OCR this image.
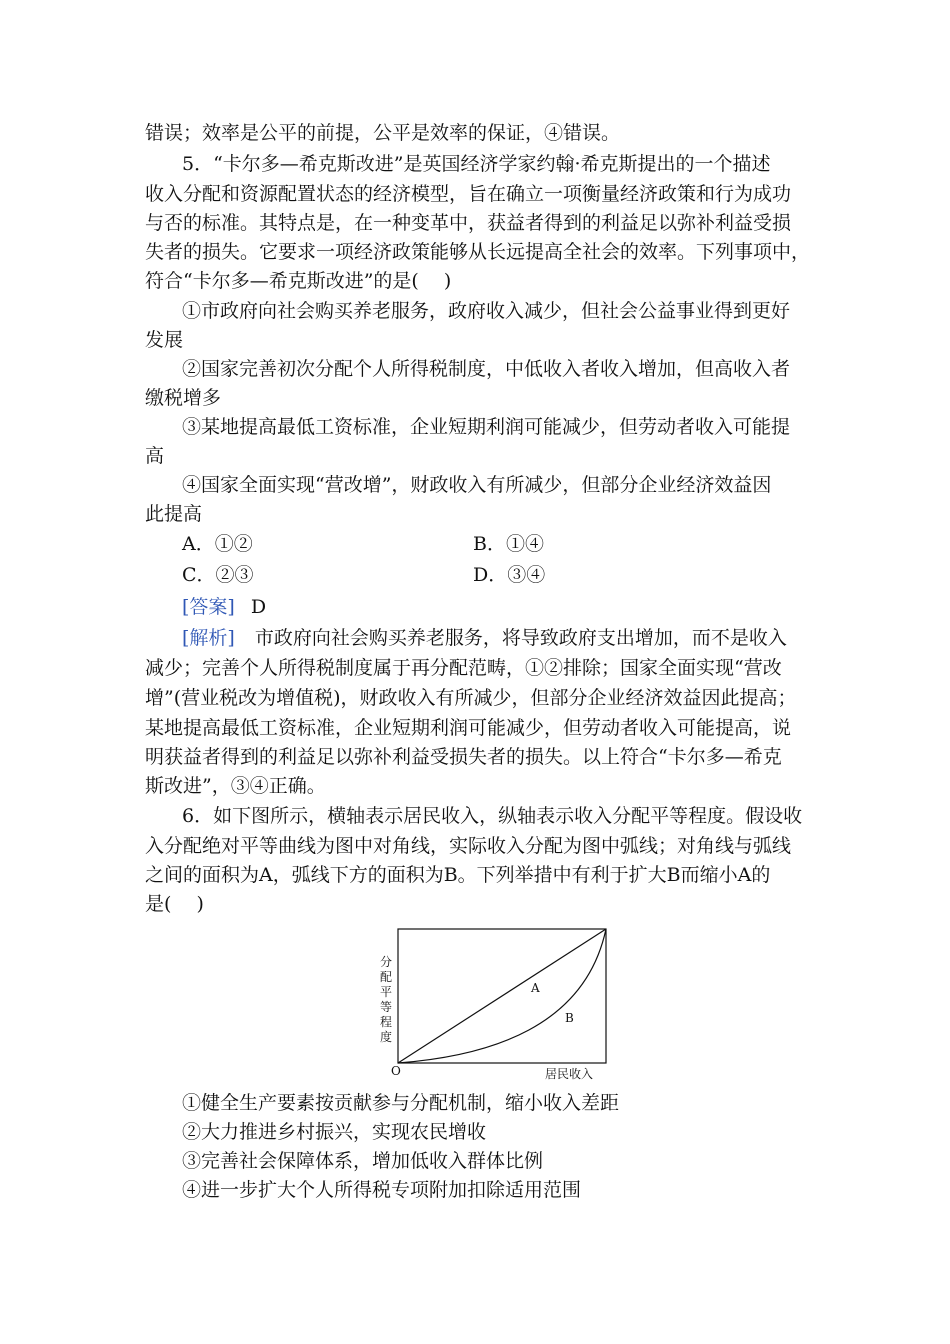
错误；效率是公平的前提，公平是效率的保证，④错误。
5．“卡尔多—希克斯改进”是英国经济学家约翰·希克斯提出的一个描述
收入分配和资源配置状态的经济模型，旨在确立一项衡量经济政策和行为成功
与否的标准。其特点是，在一种变革中，获益者得到的利益足以弥补利益受损
失者的损失。它要求一项经济政策能够从长远提高全社会的效率。下列事项中，
符合“卡尔多—希克斯改进”的是(　 )
①市政府向社会购买养老服务，政府收入减少，但社会公益事业得到更好
发展
②国家完善初次分配个人所得税制度，中低收入者收入增加，但高收入者
缴税增多
③某地提高最低工资标准，企业短期利润可能减少，但劳动者收入可能提
高
④国家全面实现“营改增”，财政收入有所减少，但部分企业经济效益因
此提高
A．①②	B．①④
C．②③	D．③④
[答案] D
[解析] 市政府向社会购买养老服务，将导致政府支出增加，而不是收入
减少；完善个人所得税制度属于再分配范畴，①②排除；国家全面实现“营改
增”(营业税改为增值税)，财政收入有所减少，但部分企业经济效益因此提高；
某地提高最低工资标准，企业短期利润可能减少，但劳动者收入可能提高，说
明获益者得到的利益足以弥补利益受损失者的损失。以上符合“卡尔多—希克
斯改进”，③④正确。
6．如下图所示，横轴表示居民收入，纵轴表示收入分配平等程度。假设收
入分配绝对平等曲线为图中对角线，实际收入分配为图中弧线；对角线与弧线
之间的面积为A，弧线下方的面积为B。下列举措中有利于扩大B而缩小A的
是(　 )
A
B
O	居民收入
分
配
平
等
程
度
①健全生产要素按贡献参与分配机制，缩小收入差距
②大力推进乡村振兴，实现农民增收
③完善社会保障体系，增加低收入群体比例
④进一步扩大个人所得税专项附加扣除适用范围
